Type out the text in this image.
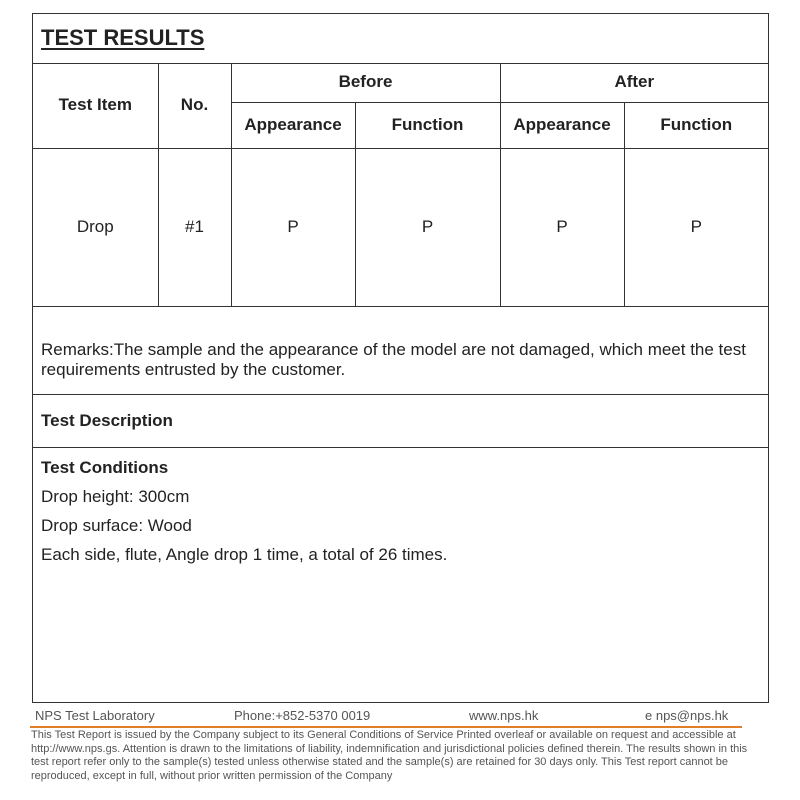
TEST RESULTS
Test Item	No.	Before		After	
		Appearance	Function	Appearance	Function
Drop	#1	P	P	P	P
Remarks:The sample and the appearance of the model are not damaged, which meet the test requirements entrusted by the customer.
Test Description
Test Conditions
Drop height: 300cm
Drop surface: Wood
Each side, flute, Angle drop 1 time, a total of 26 times.
NPS Test Laboratory	Phone:+852-5370 0019	www.nps.hk	e nps@nps.hk
This Test Report is issued by the Company subject to its General Conditions of Service Printed overleaf or available on request and accessible at http://www.nps.gs. Attention is drawn to the limitations of liability, indemnification and jurisdictional policies defined therein. The results shown in this test report refer only to the sample(s) tested unless otherwise stated and the sample(s) are retained for 30 days only. This Test report cannot be reproduced, except in full, without prior written permission of the Company
